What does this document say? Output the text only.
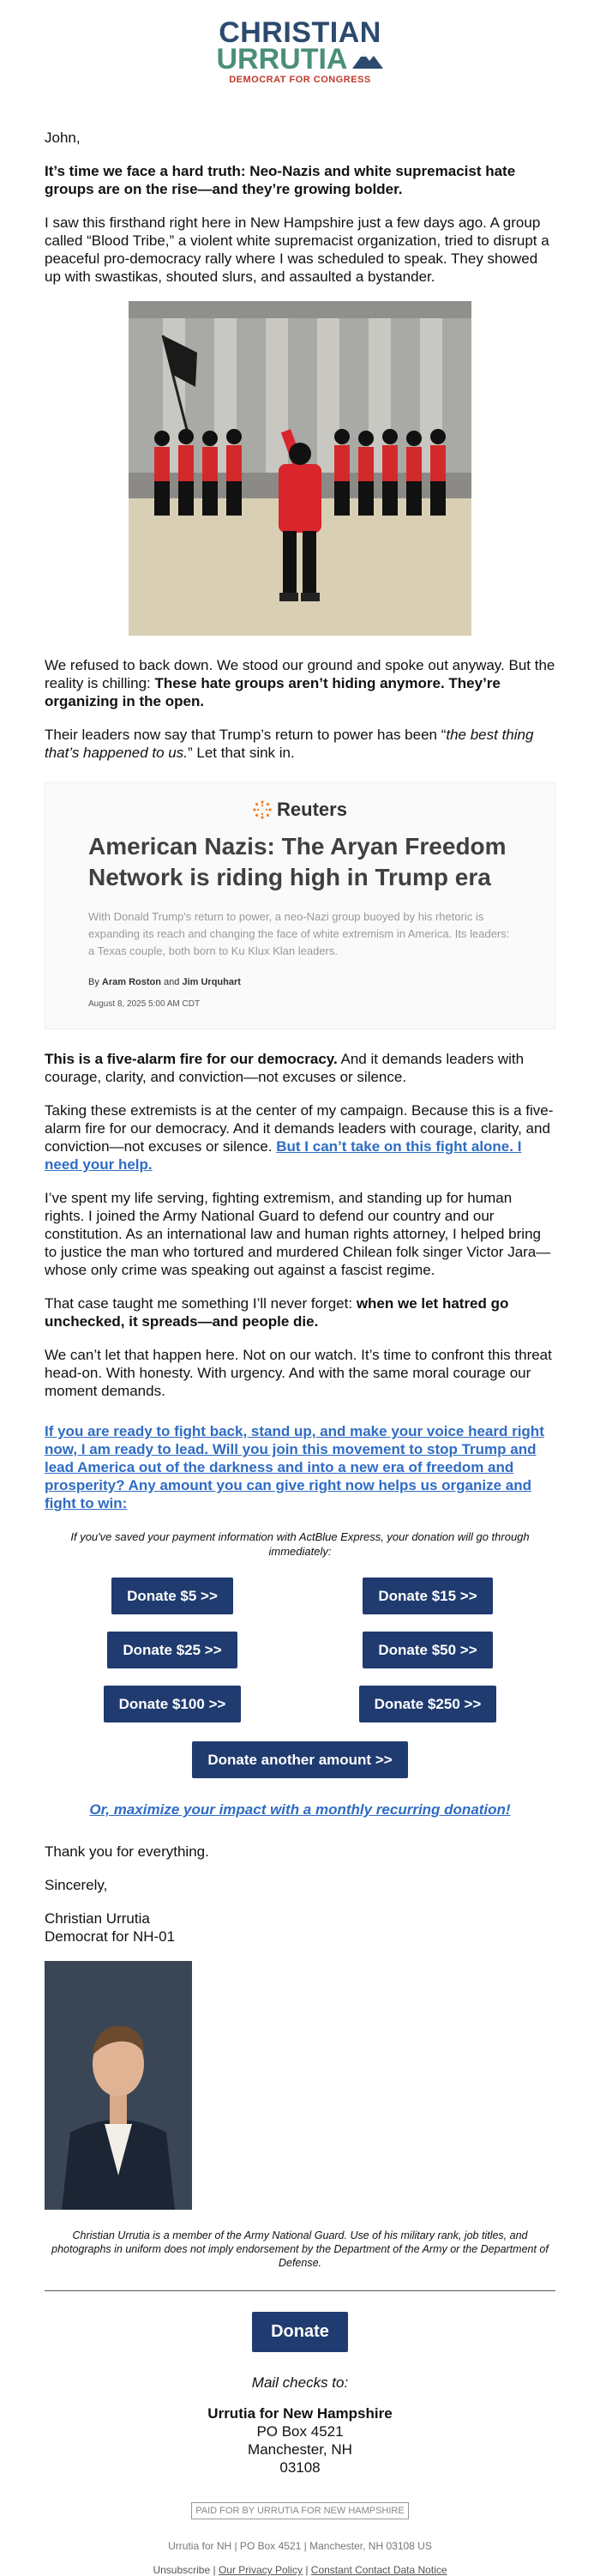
CHRISTIAN
URRUTIA
DEMOCRAT FOR CONGRESS

John,

It’s time we face a hard truth: Neo-Nazis and white supremacist hate groups are on the rise—and they’re growing bolder.

I saw this firsthand right here in New Hampshire just a few days ago. A group called “Blood Tribe,” a violent white supremacist organization, tried to disrupt a peaceful pro-democracy rally where I was scheduled to speak. They showed up with swastikas, shouted slurs, and assaulted a bystander.

We refused to back down. We stood our ground and spoke out anyway. But the reality is chilling: These hate groups aren’t hiding anymore. They’re organizing in the open.

Their leaders now say that Trump’s return to power has been “the best thing that’s happened to us.” Let that sink in.

Reuters
American Nazis: The Aryan Freedom Network is riding high in Trump era
With Donald Trump's return to power, a neo-Nazi group buoyed by his rhetoric is expanding its reach and changing the face of white extremism in America. Its leaders: a Texas couple, both born to Ku Klux Klan leaders.
By Aram Roston and Jim Urquhart
August 8, 2025 5:00 AM CDT

This is a five-alarm fire for our democracy. And it demands leaders with courage, clarity, and conviction—not excuses or silence.

Taking these extremists is at the center of my campaign. Because this is a five-alarm fire for our democracy. And it demands leaders with courage, clarity, and conviction—not excuses or silence. But I can’t take on this fight alone. I need your help.

I’ve spent my life serving, fighting extremism, and standing up for human rights. I joined the Army National Guard to defend our country and our constitution. As an international law and human rights attorney, I helped bring to justice the man who tortured and murdered Chilean folk singer Victor Jara—whose only crime was speaking out against a fascist regime.

That case taught me something I’ll never forget: when we let hatred go unchecked, it spreads—and people die.

We can’t let that happen here. Not on our watch. It’s time to confront this threat head-on. With honesty. With urgency. And with the same moral courage our moment demands.

If you are ready to fight back, stand up, and make your voice heard right now, I am ready to lead. Will you join this movement to stop Trump and lead America out of the darkness and into a new era of freedom and prosperity? Any amount you can give right now helps us organize and fight to win:

If you've saved your payment information with ActBlue Express, your donation will go through immediately:
Donate $5 >>	Donate $15 >>
Donate $25 >>	Donate $50 >>
Donate $100 >>	Donate $250 >>
Donate another amount >>
Or, maximize your impact with a monthly recurring donation!

Thank you for everything.

Sincerely,

Christian Urrutia
Democrat for NH-01

Christian Urrutia is a member of the Army National Guard. Use of his military rank, job titles, and photographs in uniform does not imply endorsement by the Department of the Army or the Department of Defense.
Donate
Mail checks to:
Urrutia for New Hampshire
PO Box 4521
Manchester, NH
03108
PAID FOR BY URRUTIA FOR NEW HAMPSHIRE
Urrutia for NH | PO Box 4521 | Manchester, NH 03108 US
Unsubscribe | Our Privacy Policy | Constant Contact Data Notice
